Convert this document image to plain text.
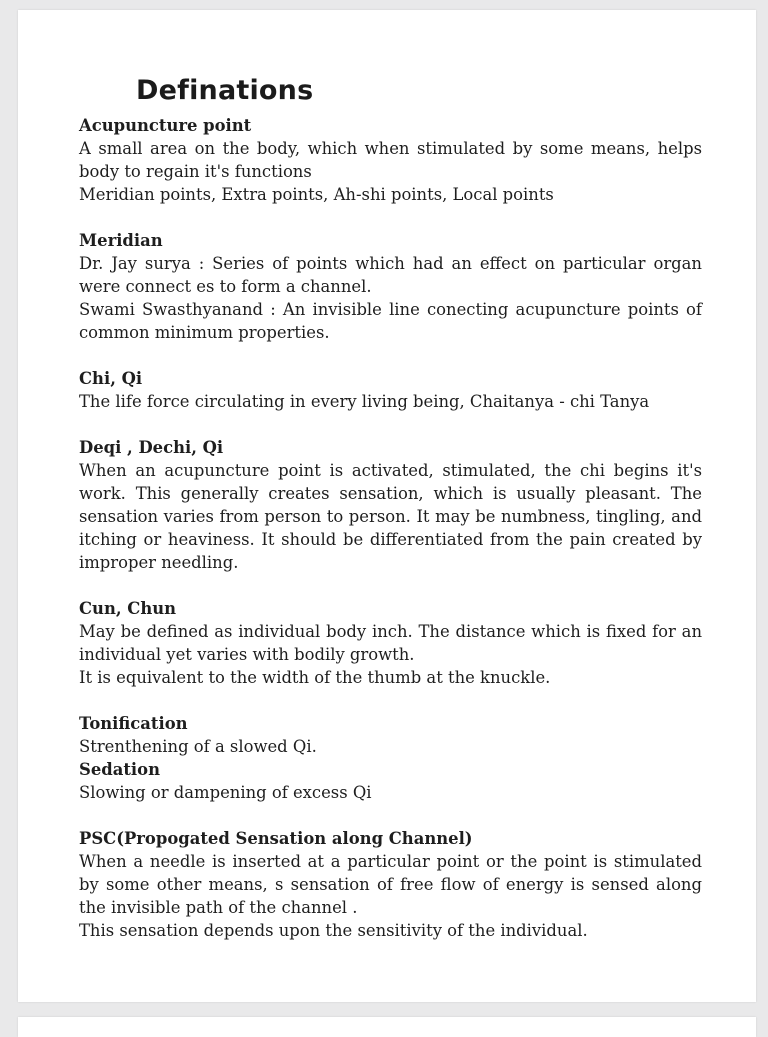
Definations

Acupuncture point

A small area on the body, which when stimulated by some means, helps body to regain it's functions

Meridian points, Extra points, Ah-shi points, Local points

Meridian

Dr. Jay surya : Series of points which had an effect on particular organ were connect es to form a channel.

Swami Swasthyanand : An invisible line conecting acupuncture points of common minimum properties.

Chi, Qi

The life force circulating in every living being, Chaitanya - chi Tanya

Deqi , Dechi, Qi

When an acupuncture point is activated, stimulated, the chi begins it's work. This generally creates sensation, which is usually pleasant. The sensation varies from person to person. It may be numbness, tingling, and itching or heaviness. It should be differentiated from the pain created by improper needling.

Cun, Chun

May be defined as individual body inch. The distance which is fixed for an individual yet varies with bodily growth.

It is equivalent to the width of the thumb at the knuckle.

Tonification

Strenthening of a slowed Qi.

Sedation

Slowing or dampening of excess Qi

PSC(Propogated Sensation along Channel)

When a needle is inserted at a particular point or the point is stimulated by some other means, s sensation of free flow of energy is sensed along the invisible path of the channel .

This sensation depends upon the sensitivity of the individual.
